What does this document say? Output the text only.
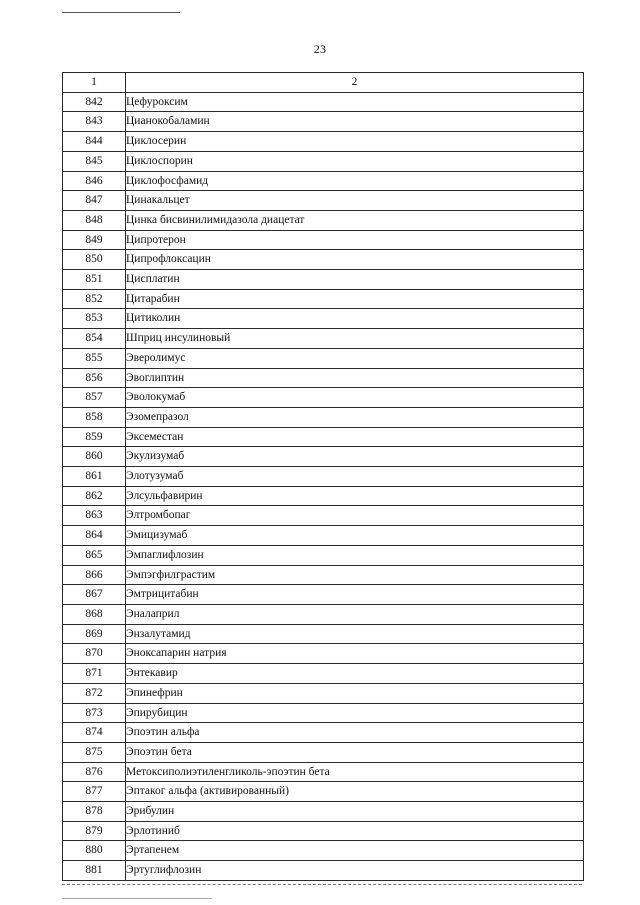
23
1	2
842	Цефуроксим
843	Цианокобаламин
844	Циклосерин
845	Циклоспорин
846	Циклофосфамид
847	Цинакальцет
848	Цинка бисвинилимидазола диацетат
849	Ципротерон
850	Ципрофлоксацин
851	Цисплатин
852	Цитарабин
853	Цитиколин
854	Шприц инсулиновый
855	Эверолимус
856	Эвоглиптин
857	Эволокумаб
858	Эзомепразол
859	Эксеместан
860	Экулизумаб
861	Элотузумаб
862	Элсульфавирин
863	Элтромбопаг
864	Эмицизумаб
865	Эмпаглифлозин
866	Эмпэгфилграстим
867	Эмтрицитабин
868	Эналаприл
869	Энзалутамид
870	Эноксапарин натрия
871	Энтекавир
872	Эпинефрин
873	Эпирубицин
874	Эпоэтин альфа
875	Эпоэтин бета
876	Метоксиполиэтиленгликоль-эпоэтин бета
877	Эптаког альфа (активированный)
878	Эрибулин
879	Эрлотиниб
880	Эртапенем
881	Эртуглифлозин
